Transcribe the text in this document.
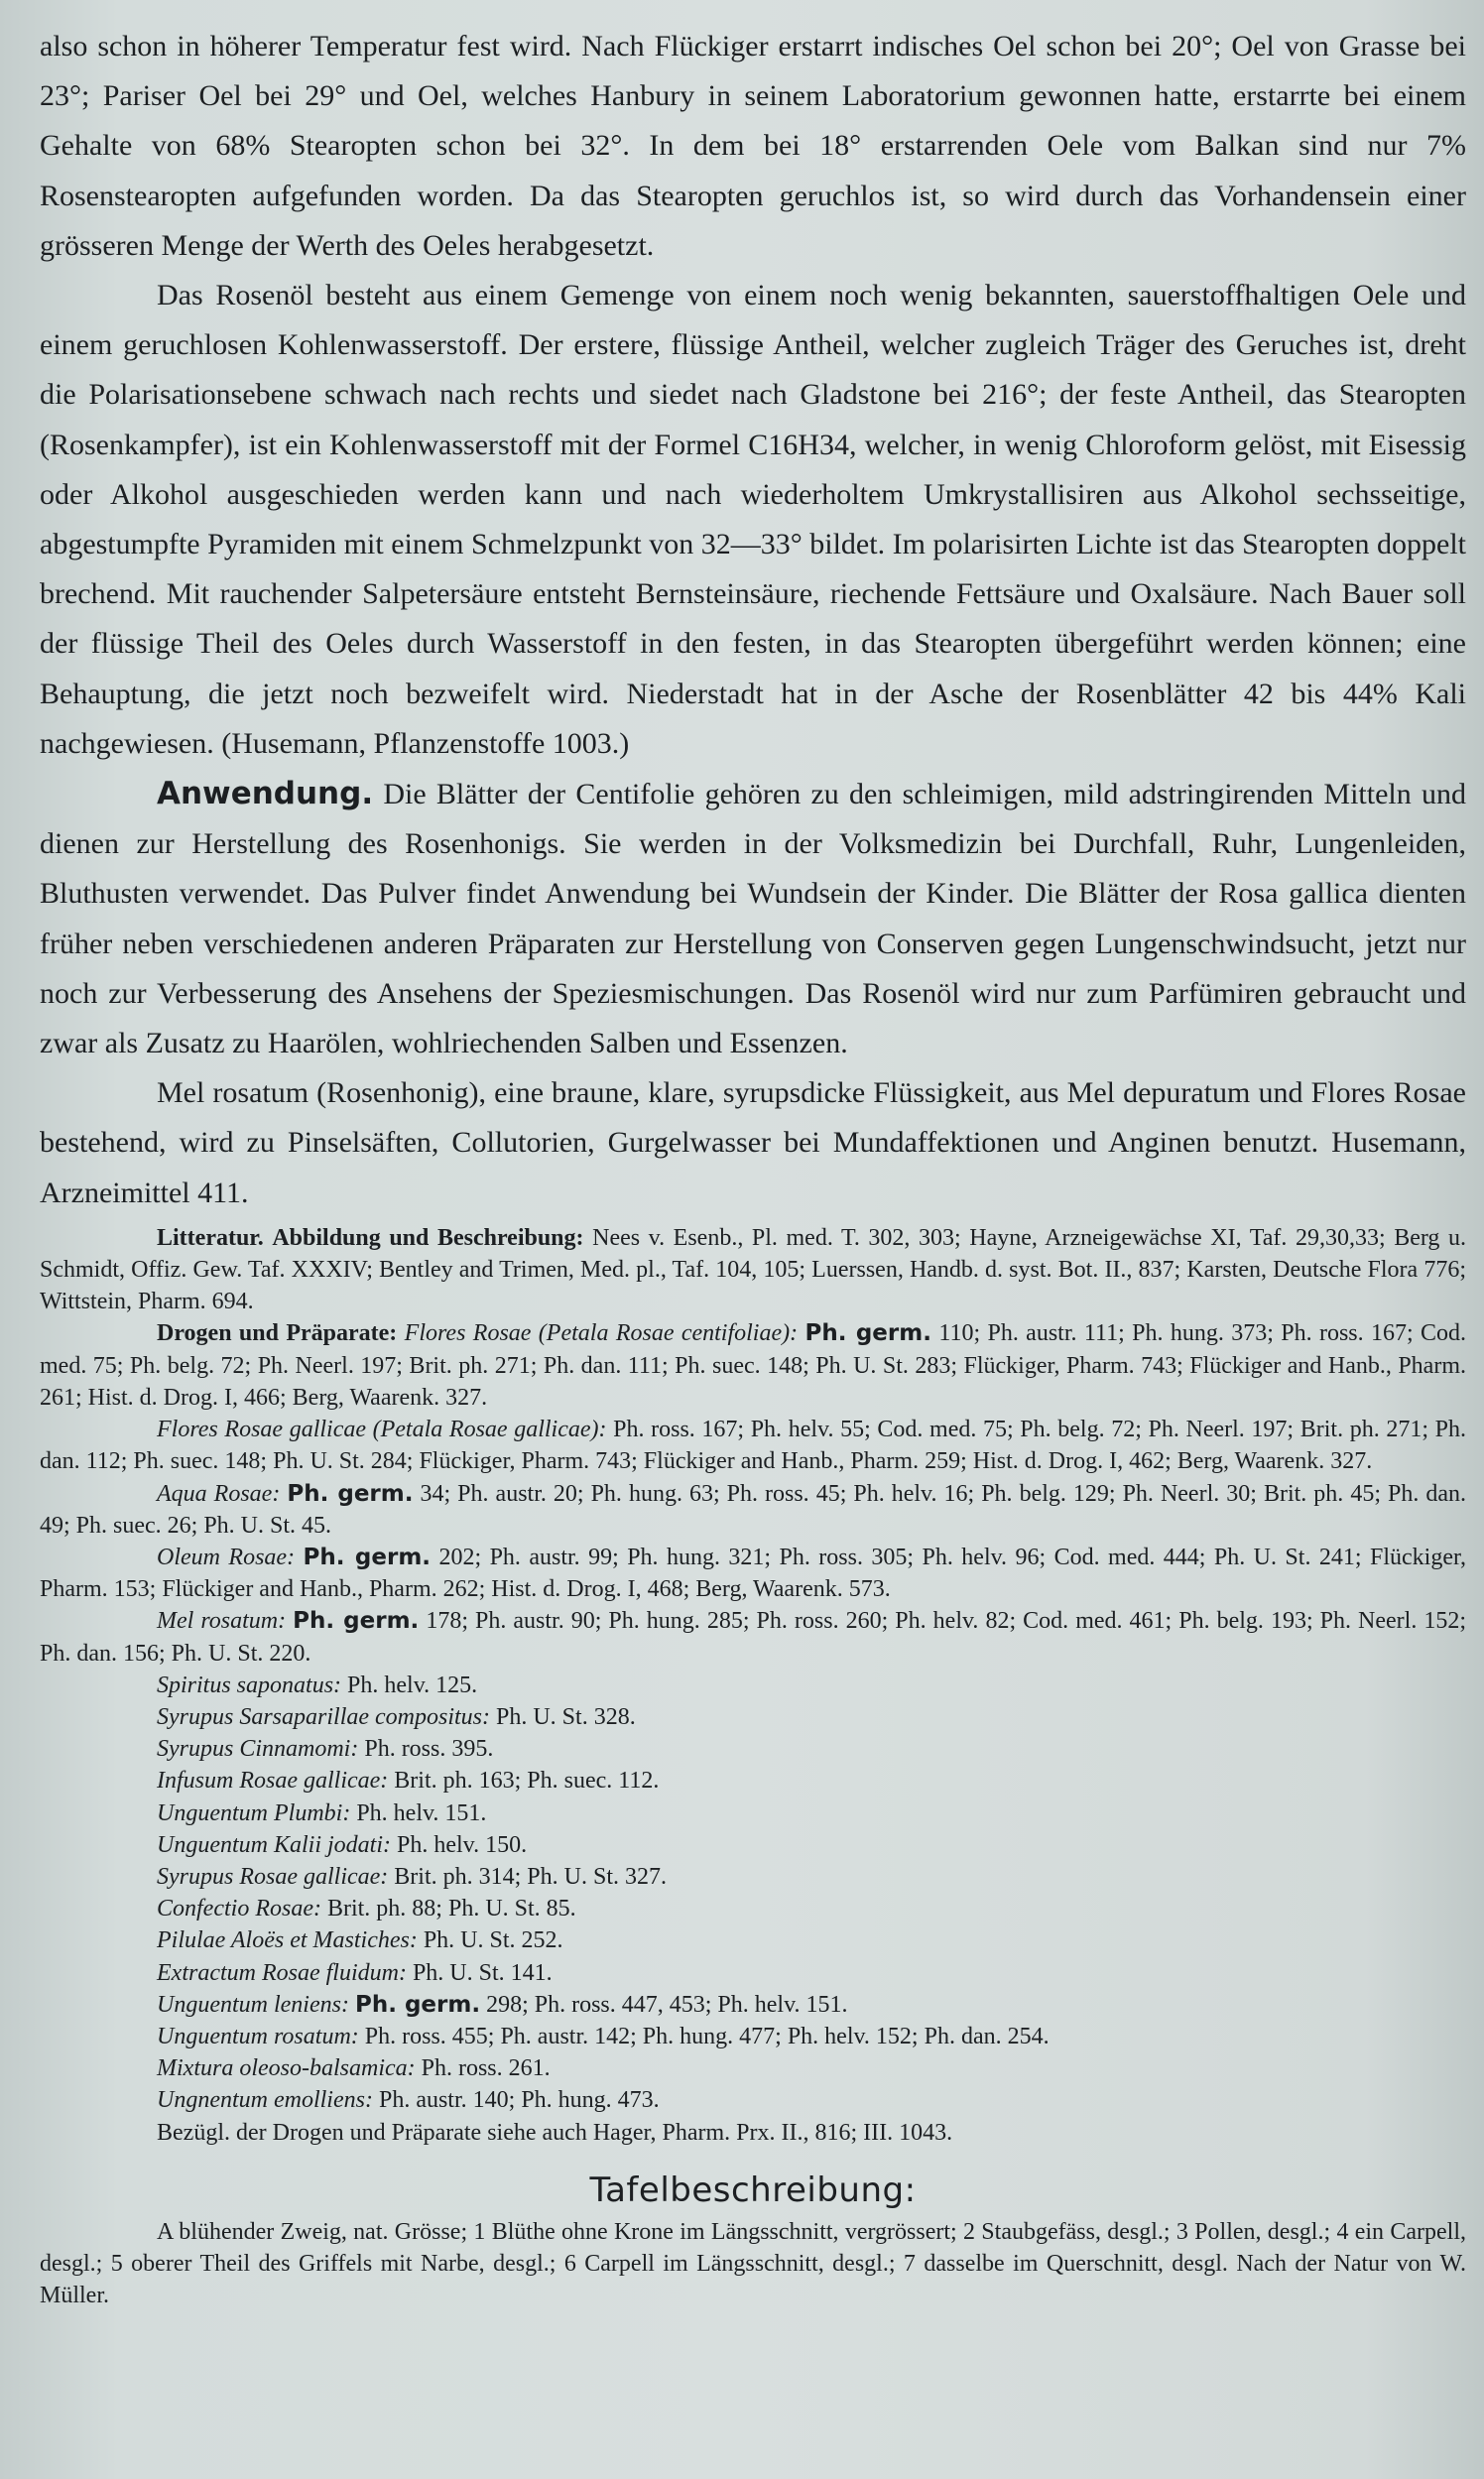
also schon in höherer Temperatur fest wird. Nach Flückiger erstarrt indisches Oel schon bei 20°; Oel von Grasse bei 23°; Pariser Oel bei 29° und Oel, welches Hanbury in seinem Laboratorium gewonnen hatte, erstarrte bei einem Gehalte von 68% Stearopten schon bei 32°. In dem bei 18° erstarrenden Oele vom Balkan sind nur 7% Rosenstearopten aufgefunden worden. Da das Stearopten geruchlos ist, so wird durch das Vorhandensein einer grösseren Menge der Werth des Oeles herabgesetzt.

Das Rosenöl besteht aus einem Gemenge von einem noch wenig bekannten, sauerstoffhaltigen Oele und einem geruchlosen Kohlenwasserstoff. Der erstere, flüssige Antheil, welcher zugleich Träger des Geruches ist, dreht die Polarisationsebene schwach nach rechts und siedet nach Gladstone bei 216°; der feste Antheil, das Stearopten (Rosenkampfer), ist ein Kohlenwasserstoff mit der Formel C16H34, welcher, in wenig Chloroform gelöst, mit Eisessig oder Alkohol ausgeschieden werden kann und nach wiederholtem Umkrystallisiren aus Alkohol sechsseitige, abgestumpfte Pyramiden mit einem Schmelzpunkt von 32—33° bildet. Im polarisirten Lichte ist das Stearopten doppelt brechend. Mit rauchender Salpetersäure entsteht Bernsteinsäure, riechende Fettsäure und Oxalsäure. Nach Bauer soll der flüssige Theil des Oeles durch Wasserstoff in den festen, in das Stearopten übergeführt werden können; eine Behauptung, die jetzt noch bezweifelt wird. Niederstadt hat in der Asche der Rosenblätter 42 bis 44% Kali nachgewiesen. (Husemann, Pflanzenstoffe 1003.)

Anwendung. Die Blätter der Centifolie gehören zu den schleimigen, mild adstringirenden Mitteln und dienen zur Herstellung des Rosenhonigs. Sie werden in der Volksmedizin bei Durchfall, Ruhr, Lungenleiden, Bluthusten verwendet. Das Pulver findet Anwendung bei Wundsein der Kinder. Die Blätter der Rosa gallica dienten früher neben verschiedenen anderen Präparaten zur Herstellung von Conserven gegen Lungenschwindsucht, jetzt nur noch zur Verbesserung des Ansehens der Speziesmischungen. Das Rosenöl wird nur zum Parfümiren gebraucht und zwar als Zusatz zu Haarölen, wohlriechenden Salben und Essenzen.

Mel rosatum (Rosenhonig), eine braune, klare, syrupsdicke Flüssigkeit, aus Mel depuratum und Flores Rosae bestehend, wird zu Pinselsäften, Collutorien, Gurgelwasser bei Mundaffektionen und Anginen benutzt. Husemann, Arzneimittel 411.

Litteratur. Abbildung und Beschreibung: Nees v. Esenb., Pl. med. T. 302, 303; Hayne, Arzneigewächse XI, Taf. 29,30,33; Berg u. Schmidt, Offiz. Gew. Taf. XXXIV; Bentley and Trimen, Med. pl., Taf. 104, 105; Luerssen, Handb. d. syst. Bot. II., 837; Karsten, Deutsche Flora 776; Wittstein, Pharm. 694.

Drogen und Präparate: Flores Rosae (Petala Rosae centifoliae): Ph. germ. 110; Ph. austr. 111; Ph. hung. 373; Ph. ross. 167; Cod. med. 75; Ph. belg. 72; Ph. Neerl. 197; Brit. ph. 271; Ph. dan. 111; Ph. suec. 148; Ph. U. St. 283; Flückiger, Pharm. 743; Flückiger and Hanb., Pharm. 261; Hist. d. Drog. I, 466; Berg, Waarenk. 327.

Flores Rosae gallicae (Petala Rosae gallicae): Ph. ross. 167; Ph. helv. 55; Cod. med. 75; Ph. belg. 72; Ph. Neerl. 197; Brit. ph. 271; Ph. dan. 112; Ph. suec. 148; Ph. U. St. 284; Flückiger, Pharm. 743; Flückiger and Hanb., Pharm. 259; Hist. d. Drog. I, 462; Berg, Waarenk. 327.

Aqua Rosae: Ph. germ. 34; Ph. austr. 20; Ph. hung. 63; Ph. ross. 45; Ph. helv. 16; Ph. belg. 129; Ph. Neerl. 30; Brit. ph. 45; Ph. dan. 49; Ph. suec. 26; Ph. U. St. 45.

Oleum Rosae: Ph. germ. 202; Ph. austr. 99; Ph. hung. 321; Ph. ross. 305; Ph. helv. 96; Cod. med. 444; Ph. U. St. 241; Flückiger, Pharm. 153; Flückiger and Hanb., Pharm. 262; Hist. d. Drog. I, 468; Berg, Waarenk. 573.

Mel rosatum: Ph. germ. 178; Ph. austr. 90; Ph. hung. 285; Ph. ross. 260; Ph. helv. 82; Cod. med. 461; Ph. belg. 193; Ph. Neerl. 152; Ph. dan. 156; Ph. U. St. 220.

Spiritus saponatus: Ph. helv. 125.

Syrupus Sarsaparillae compositus: Ph. U. St. 328.

Syrupus Cinnamomi: Ph. ross. 395.

Infusum Rosae gallicae: Brit. ph. 163; Ph. suec. 112.

Unguentum Plumbi: Ph. helv. 151.

Unguentum Kalii jodati: Ph. helv. 150.

Syrupus Rosae gallicae: Brit. ph. 314; Ph. U. St. 327.

Confectio Rosae: Brit. ph. 88; Ph. U. St. 85.

Pilulae Aloës et Mastiches: Ph. U. St. 252.

Extractum Rosae fluidum: Ph. U. St. 141.

Unguentum leniens: Ph. germ. 298; Ph. ross. 447, 453; Ph. helv. 151.

Unguentum rosatum: Ph. ross. 455; Ph. austr. 142; Ph. hung. 477; Ph. helv. 152; Ph. dan. 254.

Mixtura oleoso-balsamica: Ph. ross. 261.

Ungnentum emolliens: Ph. austr. 140; Ph. hung. 473.

Bezügl. der Drogen und Präparate siehe auch Hager, Pharm. Prx. II., 816; III. 1043.

Tafelbeschreibung:

A blühender Zweig, nat. Grösse; 1 Blüthe ohne Krone im Längsschnitt, vergrössert; 2 Staubgefäss, desgl.; 3 Pollen, desgl.; 4 ein Carpell, desgl.; 5 oberer Theil des Griffels mit Narbe, desgl.; 6 Carpell im Längsschnitt, desgl.; 7 dasselbe im Querschnitt, desgl. Nach der Natur von W. Müller.
